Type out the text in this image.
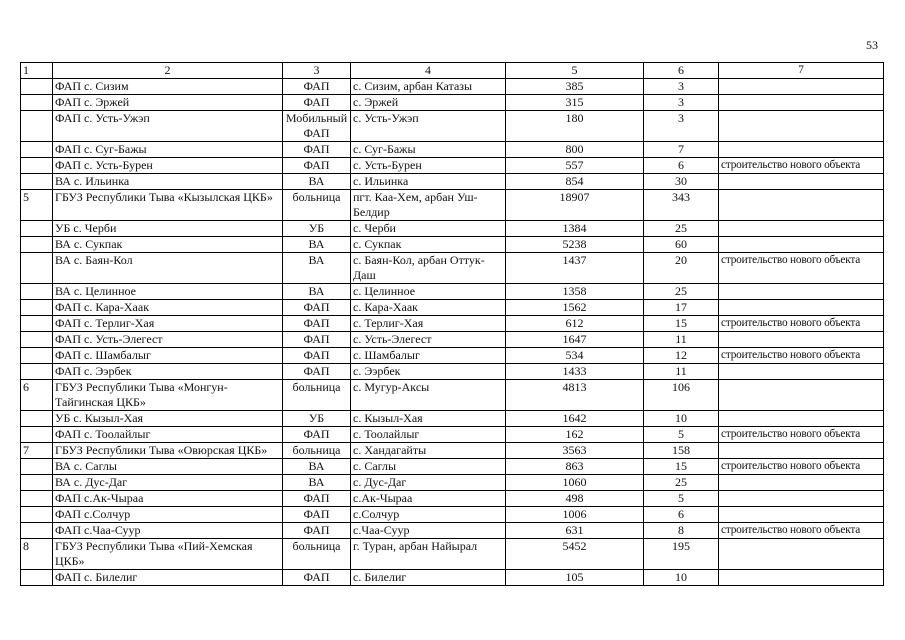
53
1	2	3	4	5	6	7
	ФАП с. Сизим	ФАП	с. Сизим, арбан Катазы	385	3	
	ФАП с. Эржей	ФАП	с. Эржей	315	3	
	ФАП с. Усть-Ужэп	Мобильный ФАП	с. Усть-Ужэп	180	3	
	ФАП с. Суг-Бажы	ФАП	с. Суг-Бажы	800	7	
	ФАП с. Усть-Бурен	ФАП	с. Усть-Бурен	557	6	строительство нового объекта
	ВА с. Ильинка	ВА	с. Ильинка	854	30	
5	ГБУЗ Республики Тыва «Кызылская ЦКБ»	больница	пгт. Каа-Хем, арбан Уш-Белдир	18907	343	
	УБ с. Черби	УБ	с. Черби	1384	25	
	ВА с. Сукпак	ВА	с. Сукпак	5238	60	
	ВА с. Баян-Кол	ВА	с. Баян-Кол, арбан Оттук-Даш	1437	20	строительство нового объекта
	ВА с. Целинное	ВА	с. Целинное	1358	25	
	ФАП с. Кара-Хаак	ФАП	с. Кара-Хаак	1562	17	
	ФАП с. Терлиг-Хая	ФАП	с. Терлиг-Хая	612	15	строительство нового объекта
	ФАП с. Усть-Элегест	ФАП	с. Усть-Элегест	1647	11	
	ФАП с. Шамбалыг	ФАП	с. Шамбалыг	534	12	строительство нового объекта
	ФАП с. Ээрбек	ФАП	с. Ээрбек	1433	11	
6	ГБУЗ Республики Тыва «Монгун-Тайгинская ЦКБ»	больница	с. Мугур-Аксы	4813	106	
	УБ с. Кызыл-Хая	УБ	с. Кызыл-Хая	1642	10	
	ФАП с. Тоолайлыг	ФАП	с. Тоолайлыг	162	5	строительство нового объекта
7	ГБУЗ Республики Тыва «Овюрская ЦКБ»	больница	с. Хандагайты	3563	158	
	ВА с. Саглы	ВА	с. Саглы	863	15	строительство нового объекта
	ВА с. Дус-Даг	ВА	с. Дус-Даг	1060	25	
	ФАП с.Ак-Чыраа	ФАП	с.Ак-Чыраа	498	5	
	ФАП с.Солчур	ФАП	с.Солчур	1006	6	
	ФАП с.Чаа-Суур	ФАП	с.Чаа-Суур	631	8	строительство нового объекта
8	ГБУЗ Республики Тыва «Пий-Хемская ЦКБ»	больница	г. Туран, арбан Найырал	5452	195	
	ФАП с. Билелиг	ФАП	с. Билелиг	105	10	
